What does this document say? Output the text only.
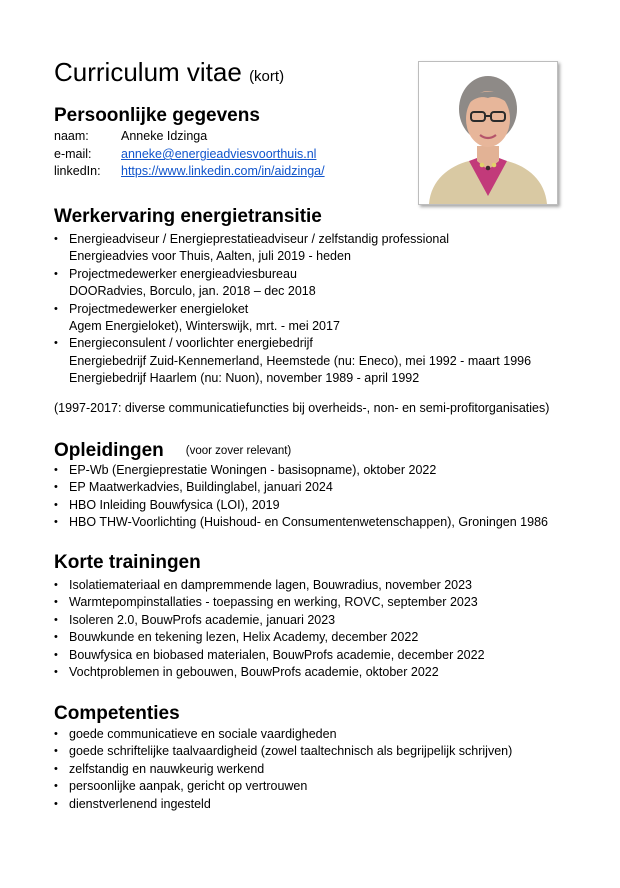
Curriculum vitae (kort)
Persoonlijke gegevens
naam:	Anneke Idzinga
e-mail: anneke@energieadviesvoorthuis.nl
linkedIn: https://www.linkedin.com/in/aidzinga/
Werkervaring energietransitie
• Energieadviseur / Energieprestatieadviseur / zelfstandig professional
Energieadvies voor Thuis, Aalten, juli 2019 - heden
• Projectmedewerker energieadviesbureau
DOORadvies, Borculo, jan. 2018 – dec 2018
• Projectmedewerker energieloket
Agem Energieloket), Winterswijk, mrt. - mei 2017
• Energieconsulent / voorlichter energiebedrijf
Energiebedrijf Zuid-Kennemerland, Heemstede (nu: Eneco), mei 1992 - maart 1996
Energiebedrijf Haarlem (nu: Nuon), november 1989 - april 1992
(1997-2017: diverse communicatiefuncties bij overheids-, non- en semi-profitorganisaties)
Opleidingen (voor zover relevant)
• EP-Wb (Energieprestatie Woningen - basisopname), oktober 2022
• EP Maatwerkadvies, Buildinglabel, januari 2024
• HBO Inleiding Bouwfysica (LOI), 2019
• HBO THW-Voorlichting (Huishoud- en Consumentenwetenschappen), Groningen 1986
Korte trainingen
• Isolatiemateriaal en dampremmende lagen, Bouwradius, november 2023
• Warmtepompinstallaties - toepassing en werking, ROVC, september 2023
• Isoleren 2.0, BouwProfs academie, januari 2023
• Bouwkunde en tekening lezen, Helix Academy, december 2022
• Bouwfysica en biobased materialen, BouwProfs academie, december 2022
• Vochtproblemen in gebouwen, BouwProfs academie, oktober 2022
Competenties
• goede communicatieve en sociale vaardigheden
• goede schriftelijke taalvaardigheid (zowel taaltechnisch als begrijpelijk schrijven)
• zelfstandig en nauwkeurig werkend
• persoonlijke aanpak, gericht op vertrouwen
• dienstverlenend ingesteld
